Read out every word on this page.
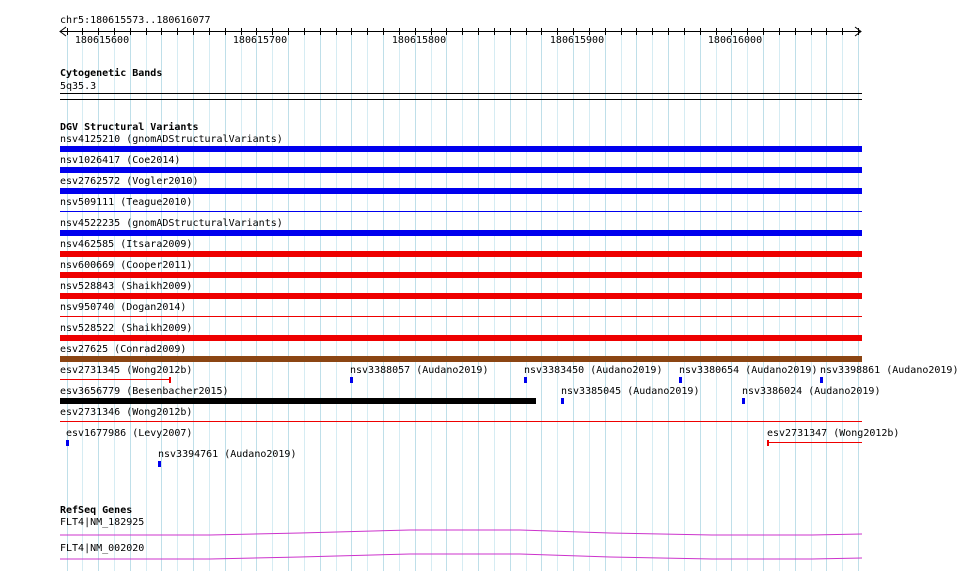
chr5:180615573..180616077
180615600	180615700	180615800	180615900	180616000
Cytogenetic Bands
5q35.3
DGV Structural Variants
nsv4125210 (gnomADStructuralVariants)
nsv1026417 (Coe2014)
esv2762572 (Vogler2010)
nsv509111 (Teague2010)
nsv4522235 (gnomADStructuralVariants)
nsv462585 (Itsara2009)
nsv600669 (Cooper2011)
nsv528843 (Shaikh2009)
nsv950740 (Dogan2014)
nsv528522 (Shaikh2009)
esv27625 (Conrad2009)
esv2731345 (Wong2012b)	nsv3388057 (Audano2019)	nsv3383450 (Audano2019) nsv3380654 (Audano2019) nsv3398861 (Audano2019)
esv3656779 (Besenbacher2015)	nsv3385045 (Audano2019)	nsv3386024 (Audano2019)
esv2731346 (Wong2012b)
esv1677986 (Levy2007)	esv2731347 (Wong2012b)
nsv3394761 (Audano2019)
RefSeq Genes
FLT4|NM_182925
FLT4|NM_002020
